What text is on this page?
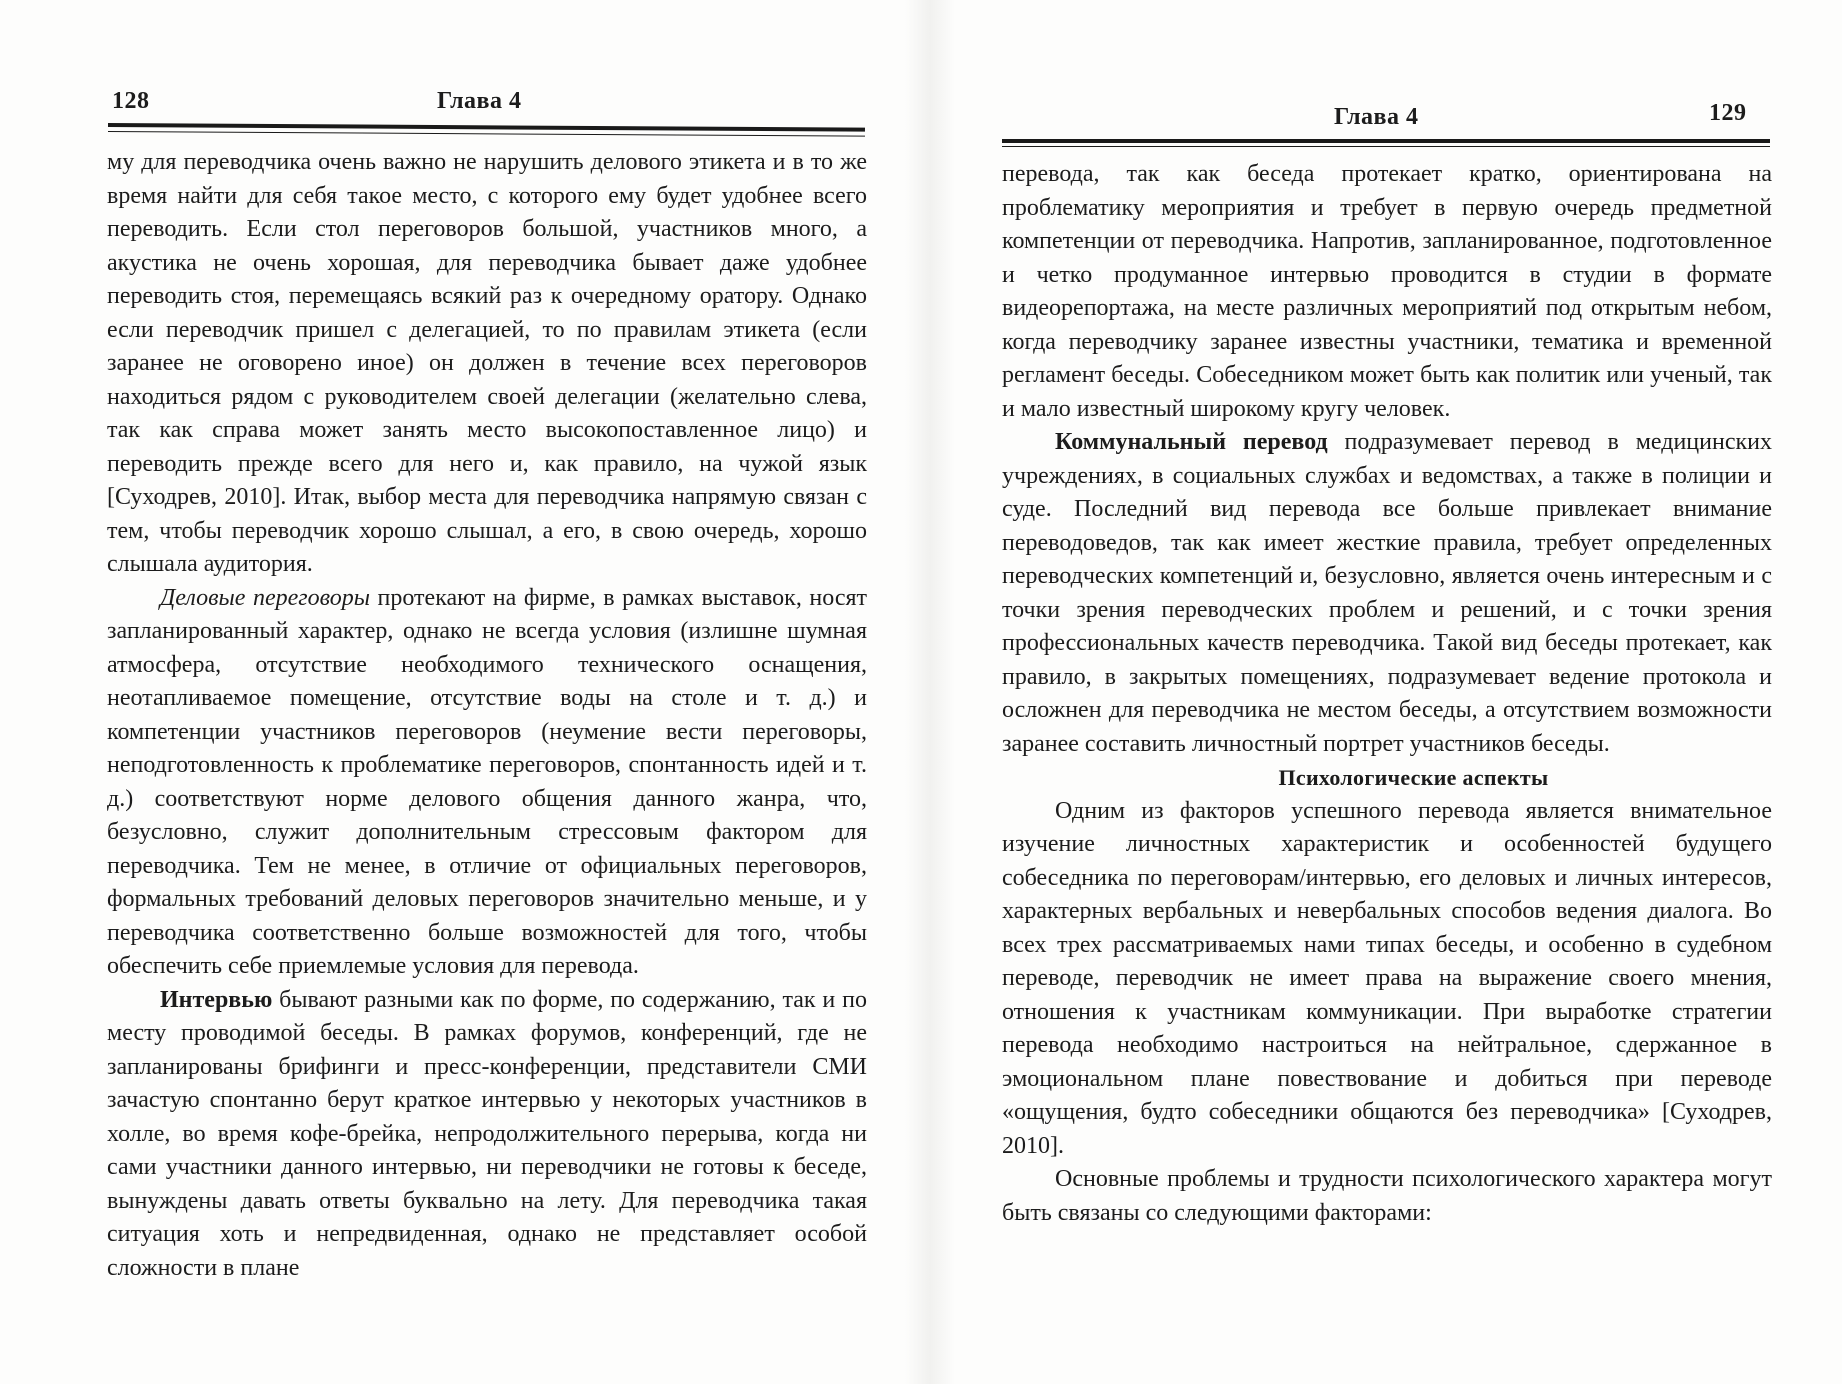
128	Глава 4

му для переводчика очень важно не нарушить делового этикета и в то же время найти для себя такое место, с которого ему будет удобнее всего переводить. Если стол переговоров большой, участников много, а акустика не очень хорошая, для переводчика бывает даже удобнее переводить стоя, перемещаясь всякий раз к очередному оратору. Однако если переводчик пришел с делегацией, то по правилам этикета (если заранее не оговорено иное) он должен в течение всех переговоров находиться рядом с руководителем своей делегации (желательно слева, так как справа может занять место высокопоставленное лицо) и переводить прежде всего для него и, как правило, на чужой язык [Суходрев, 2010]. Итак, выбор места для переводчика напрямую связан с тем, чтобы переводчик хорошо слышал, а его, в свою очередь, хорошо слышала аудитория.

Деловые переговоры протекают на фирме, в рамках выставок, носят запланированный характер, однако не всегда условия (излишне шумная атмосфера, отсутствие необходимого технического оснащения, неотапливаемое помещение, отсутствие воды на столе и т. д.) и компетенции участников переговоров (неумение вести переговоры, неподготовленность к проблематике переговоров, спонтанность идей и т. д.) соответствуют норме делового общения данного жанра, что, безусловно, служит дополнительным стрессовым фактором для переводчика. Тем не менее, в отличие от официальных переговоров, формальных требований деловых переговоров значительно меньше, и у переводчика соответственно больше возможностей для того, чтобы обеспечить себе приемлемые условия для перевода.

Интервью бывают разными как по форме, по содержанию, так и по месту проводимой беседы. В рамках форумов, конференций, где не запланированы брифинги и пресс-конференции, представители СМИ зачастую спонтанно берут краткое интервью у некоторых участников в холле, во время кофе-брейка, непродолжительного перерыва, когда ни сами участники данного интервью, ни переводчики не готовы к беседе, вынуждены давать ответы буквально на лету. Для переводчика такая ситуация хоть и непредвиденная, однако не представляет особой сложности в плане

Глава 4	129

перевода, так как беседа протекает кратко, ориентирована на проблематику мероприятия и требует в первую очередь предметной компетенции от переводчика. Напротив, запланированное, подготовленное и четко продуманное интервью проводится в студии в формате видеорепортажа, на месте различных мероприятий под открытым небом, когда переводчику заранее известны участники, тематика и временной регламент беседы. Собеседником может быть как политик или ученый, так и мало известный широкому кругу человек.

Коммунальный перевод подразумевает перевод в медицинских учреждениях, в социальных службах и ведомствах, а также в полиции и суде. Последний вид перевода все больше привлекает внимание переводоведов, так как имеет жесткие правила, требует определенных переводческих компетенций и, безусловно, является очень интересным и с точки зрения переводческих проблем и решений, и с точки зрения профессиональных качеств переводчика. Такой вид беседы протекает, как правило, в закрытых помещениях, подразумевает ведение протокола и осложнен для переводчика не местом беседы, а отсутствием возможности заранее составить личностный портрет участников беседы.

Психологические аспекты

Одним из факторов успешного перевода является внимательное изучение личностных характеристик и особенностей будущего собеседника по переговорам/интервью, его деловых и личных интересов, характерных вербальных и невербальных способов ведения диалога. Во всех трех рассматриваемых нами типах беседы, и особенно в судебном переводе, переводчик не имеет права на выражение своего мнения, отношения к участникам коммуникации. При выработке стратегии перевода необходимо настроиться на нейтральное, сдержанное в эмоциональном плане повествование и добиться при переводе «ощущения, будто собеседники общаются без переводчика» [Суходрев, 2010].

Основные проблемы и трудности психологического характера могут быть связаны со следующими факторами:
